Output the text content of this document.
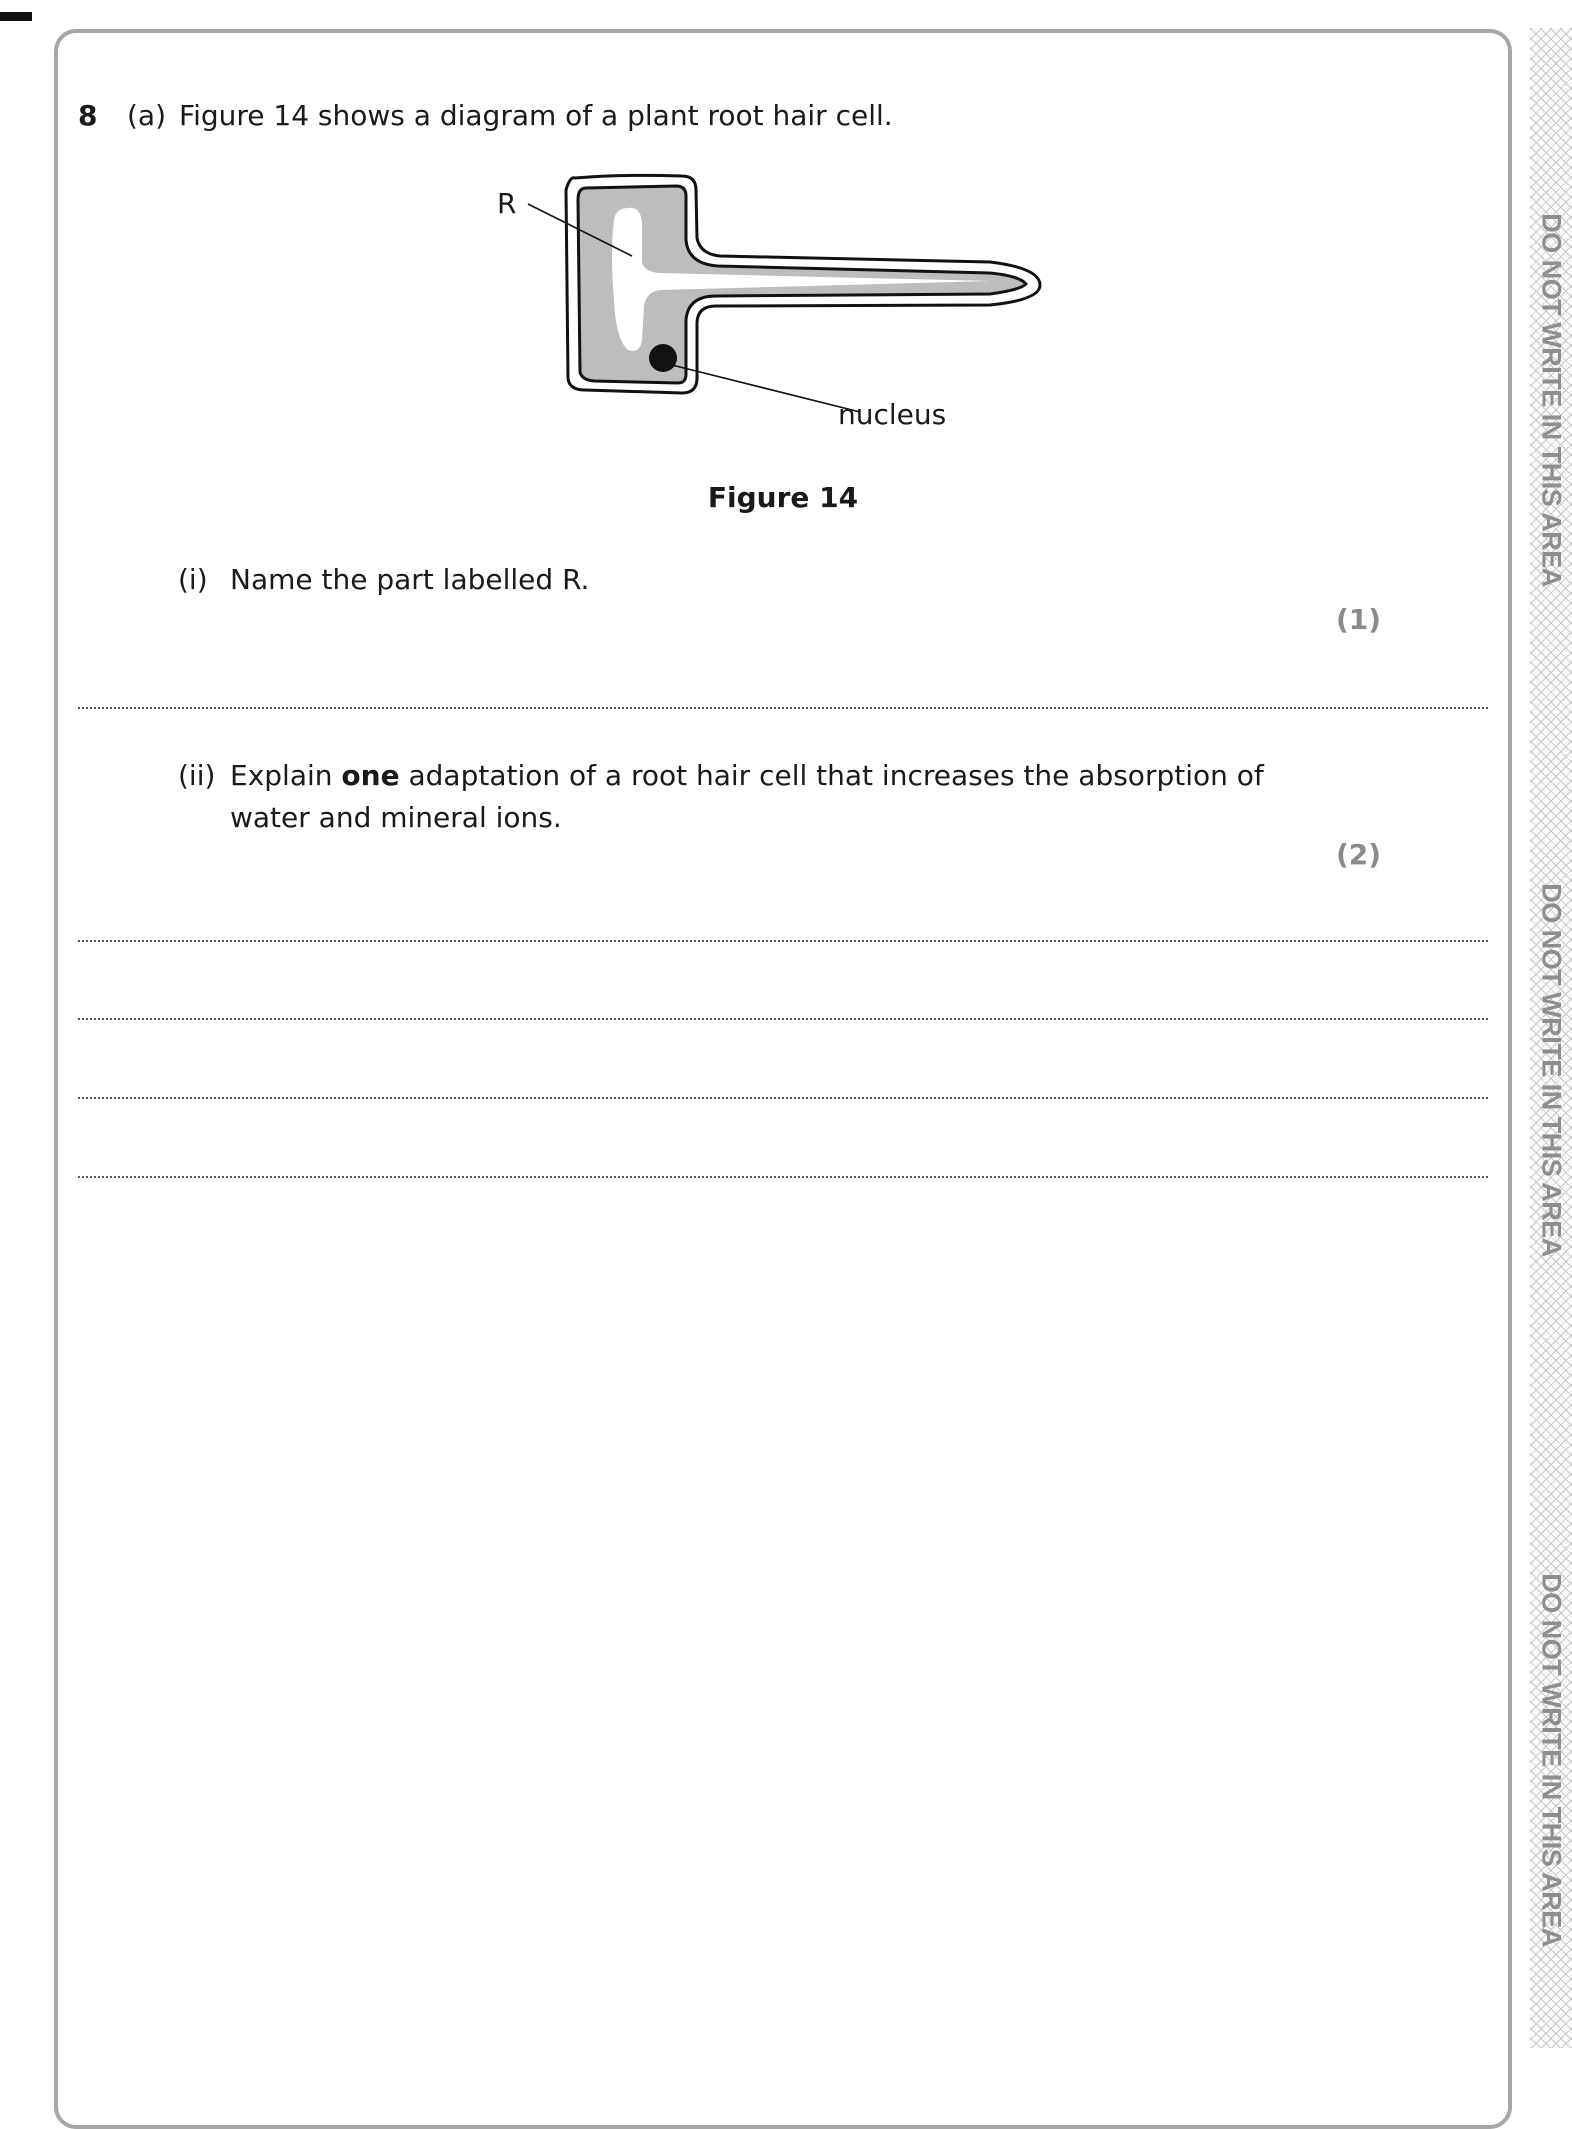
DO NOT WRITE IN THIS AREA
DO NOT WRITE IN THIS AREA
DO NOT WRITE IN THIS AREA
8 (a) Figure 14 shows a diagram of a plant root hair cell.
R
nucleus
Figure 14
(i) Name the part labelled R.
(1)
(ii) Explain one adaptation of a root hair cell that increases the absorption of
water and mineral ions.
(2)
